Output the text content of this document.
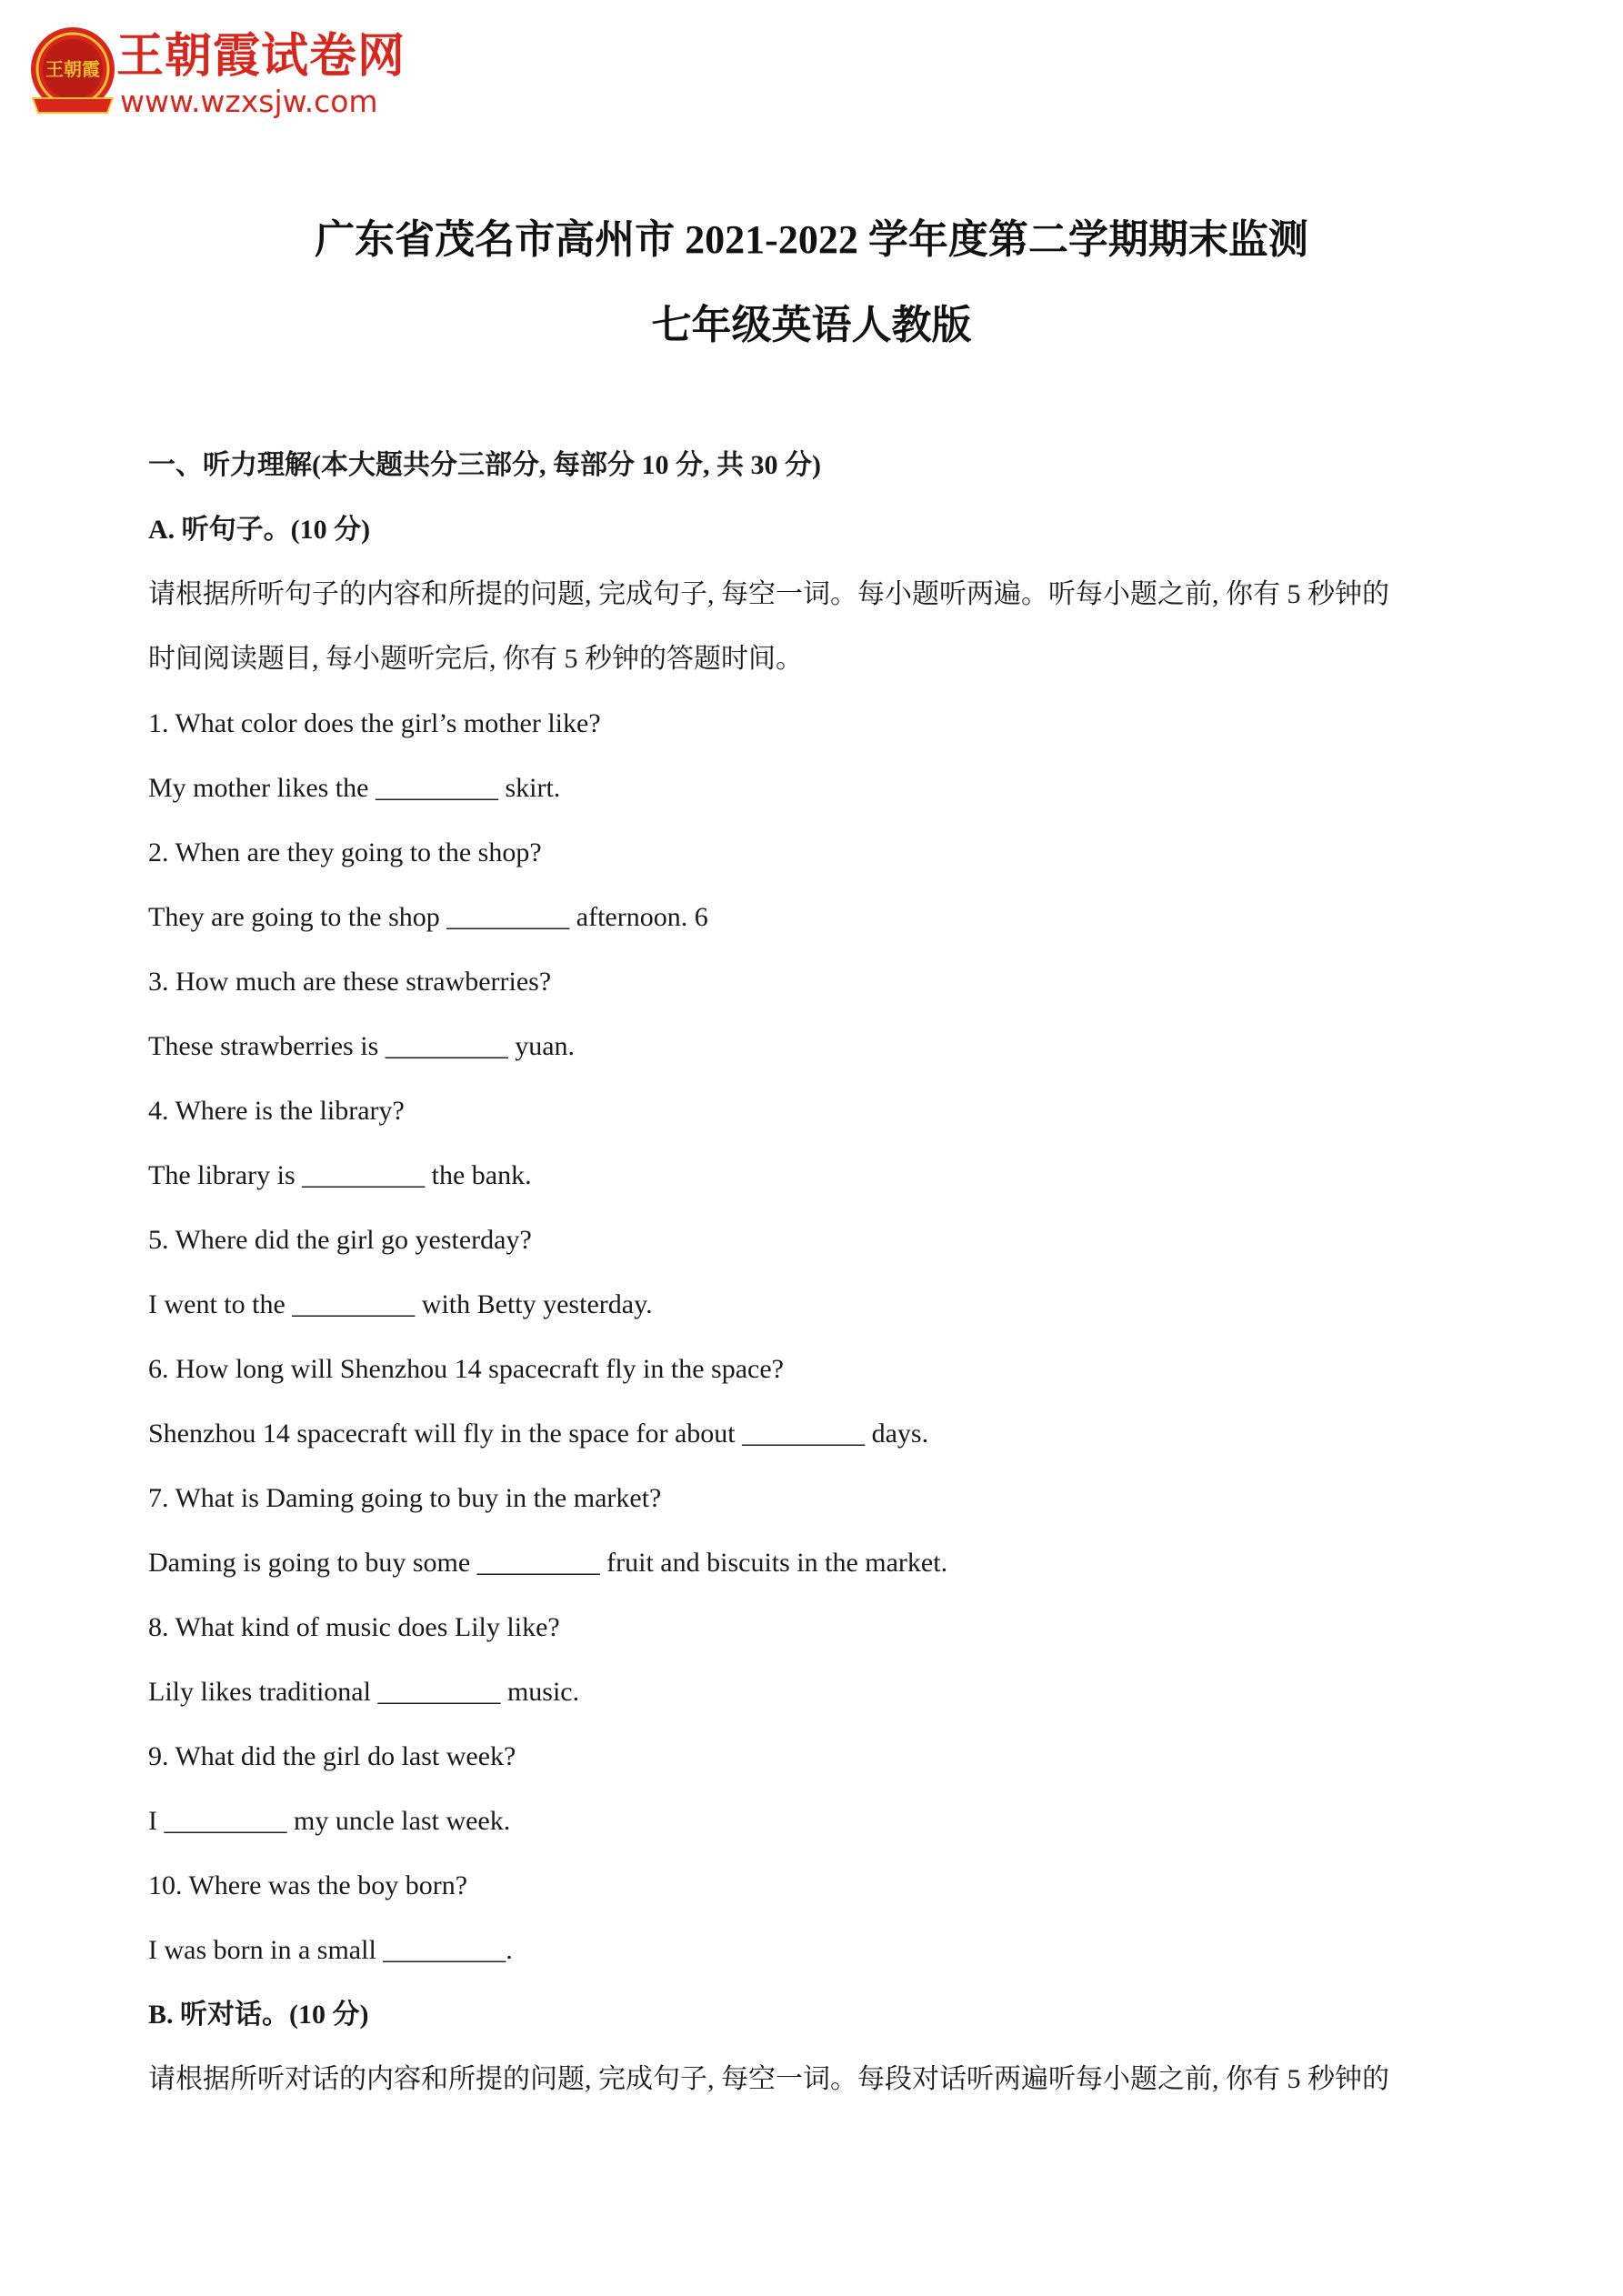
王朝霞 王朝霞试卷网
www.wzxsjw.com
广东省茂名市高州市 2021-2022 学年度第二学期期末监测
七年级英语人教版
一、听力理解(本大题共分三部分, 每部分 10 分, 共 30 分)
A. 听句子。(10 分)
请根据所听句子的内容和所提的问题, 完成句子, 每空一词。每小题听两遍。听每小题之前, 你有 5 秒钟的
时间阅读题目, 每小题听完后, 你有 5 秒钟的答题时间。
1. What color does the girl’s mother like?
My mother likes the _________ skirt.
2. When are they going to the shop?
They are going to the shop _________ afternoon. 6
3. How much are these strawberries?
These strawberries is _________ yuan.
4. Where is the library?
The library is _________ the bank.
5. Where did the girl go yesterday?
I went to the _________ with Betty yesterday.
6. How long will Shenzhou 14 spacecraft fly in the space?
Shenzhou 14 spacecraft will fly in the space for about _________ days.
7. What is Daming going to buy in the market?
Daming is going to buy some _________ fruit and biscuits in the market.
8. What kind of music does Lily like?
Lily likes traditional _________ music.
9. What did the girl do last week?
I _________ my uncle last week.
10. Where was the boy born?
I was born in a small _________.
B. 听对话。(10 分)
请根据所听对话的内容和所提的问题, 完成句子, 每空一词。每段对话听两遍听每小题之前, 你有 5 秒钟的
